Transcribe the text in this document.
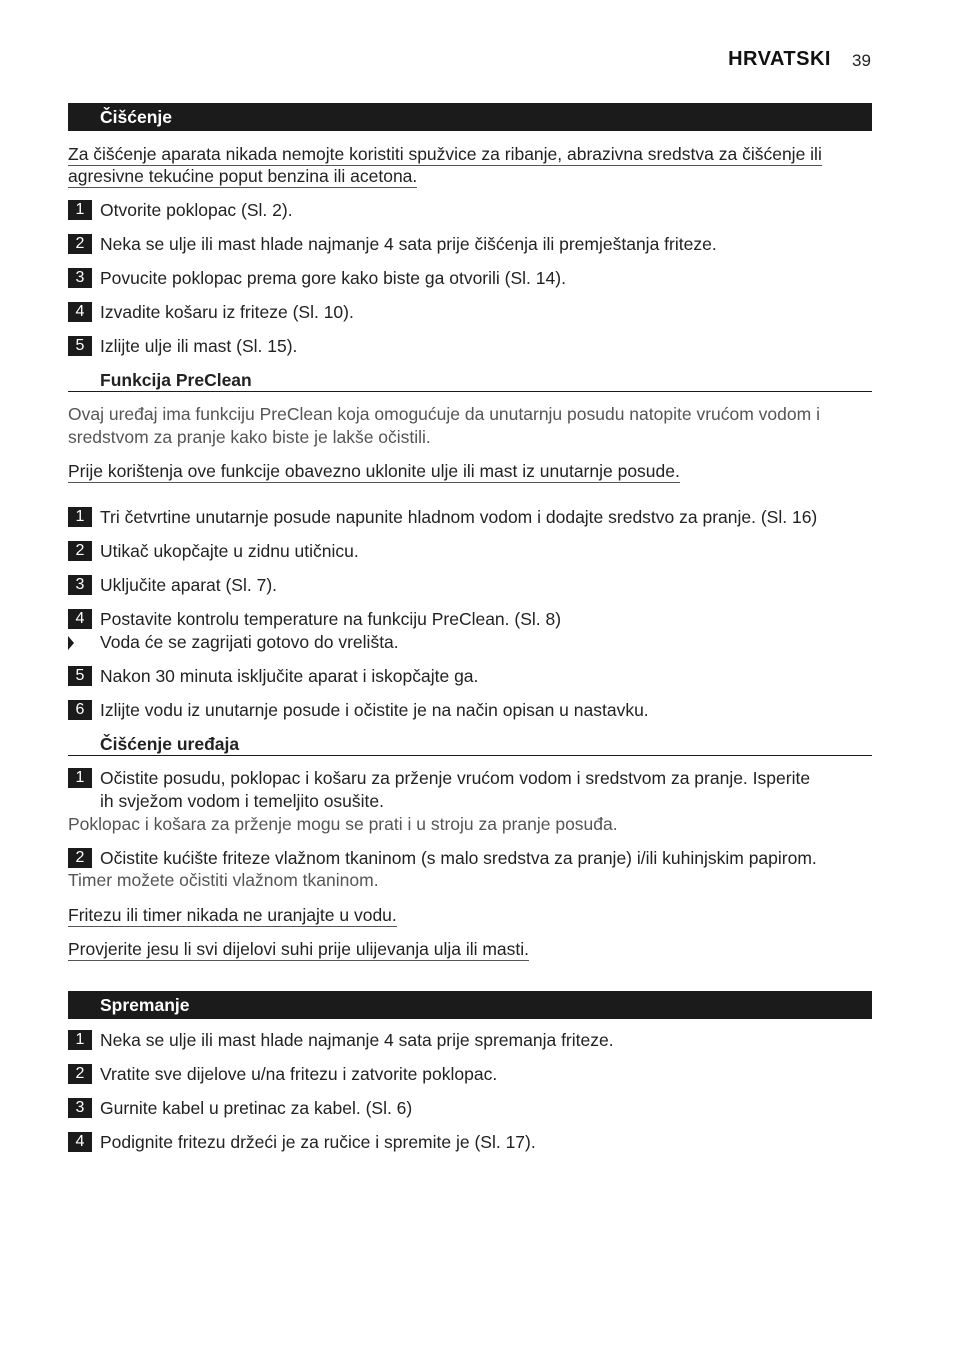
HRVATSKI 39
Čišćenje
Za čišćenje aparata nikada nemojte koristiti spužvice za ribanje, abrazivna sredstva za čišćenje ili
agresivne tekućine poput benzina ili acetona.
1 Otvorite poklopac (Sl. 2).
2 Neka se ulje ili mast hlade najmanje 4 sata prije čišćenja ili premještanja friteze.
3 Povucite poklopac prema gore kako biste ga otvorili (Sl. 14).
4 Izvadite košaru iz friteze (Sl. 10).
5 Izlijte ulje ili mast (Sl. 15).
Funkcija PreClean
Ovaj uređaj ima funkciju PreClean koja omogućuje da unutarnju posudu natopite vrućom vodom i
sredstvom za pranje kako biste je lakše očistili.
Prije korištenja ove funkcije obavezno uklonite ulje ili mast iz unutarnje posude.
1 Tri četvrtine unutarnje posude napunite hladnom vodom i dodajte sredstvo za pranje. (Sl. 16)
2 Utikač ukopčajte u zidnu utičnicu.
3 Uključite aparat (Sl. 7).
4 Postavite kontrolu temperature na funkciju PreClean. (Sl. 8)
Voda će se zagrijati gotovo do vrelišta.
5 Nakon 30 minuta isključite aparat i iskopčajte ga.
6 Izlijte vodu iz unutarnje posude i očistite je na način opisan u nastavku.
Čišćenje uređaja
1 Očistite posudu, poklopac i košaru za prženje vrućom vodom i sredstvom za pranje. Isperite
ih svježom vodom i temeljito osušite.
Poklopac i košara za prženje mogu se prati i u stroju za pranje posuđa.
2 Očistite kućište friteze vlažnom tkaninom (s malo sredstva za pranje) i/ili kuhinjskim papirom.
Timer možete očistiti vlažnom tkaninom.
Fritezu ili timer nikada ne uranjajte u vodu.
Provjerite jesu li svi dijelovi suhi prije ulijevanja ulja ili masti.
Spremanje
1 Neka se ulje ili mast hlade najmanje 4 sata prije spremanja friteze.
2 Vratite sve dijelove u/na fritezu i zatvorite poklopac.
3 Gurnite kabel u pretinac za kabel. (Sl. 6)
4 Podignite fritezu držeći je za ručice i spremite je (Sl. 17).
